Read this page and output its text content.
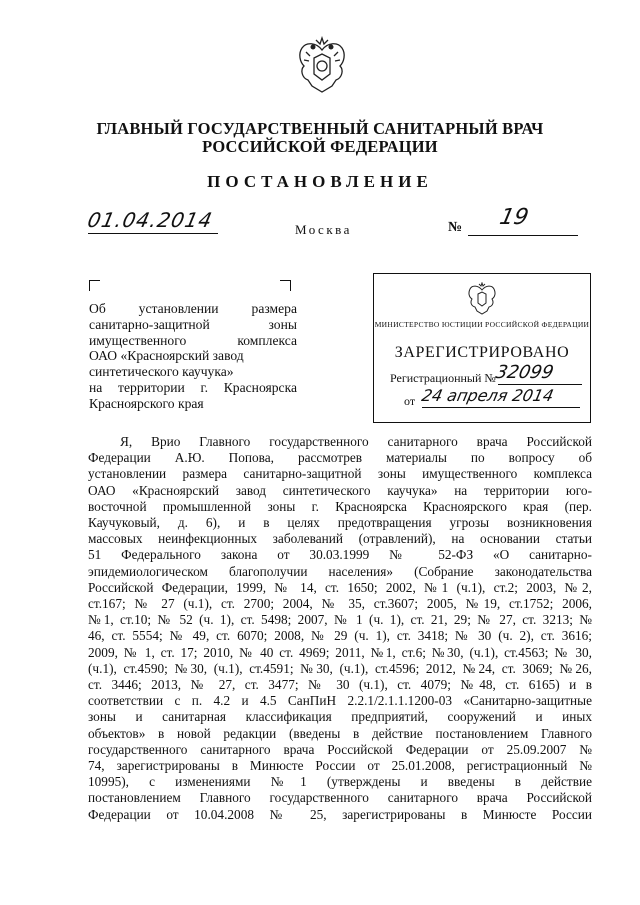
ГЛАВНЫЙ ГОСУДАРСТВЕННЫЙ САНИТАРНЫЙ ВРАЧ
РОССИЙСКОЙ ФЕДЕРАЦИИ
ПОСТАНОВЛЕНИЕ
01.04.2014	Москва	№ 19
Об установлении размера
санитарно-защитной зоны
имущественного комплекса
ОАО «Красноярский завод
синтетического каучука»
на территории г. Красноярска
Красноярского края
МИНИСТЕРСТВО ЮСТИЦИИ РОССИЙСКОЙ ФЕДЕРАЦИИ
ЗАРЕГИСТРИРОВАНО
Регистрационный №
32099
от 24 апреля 2014
Я, Врио Главного государственного санитарного врача Российской
Федерации А.Ю. Попова, рассмотрев материалы по вопросу об
установлении размера санитарно-защитной зоны имущественного комплекса
ОАО «Красноярский завод синтетического каучука» на территории юго-
восточной промышленной зоны г. Красноярска Красноярского края (пер.
Каучуковый, д. 6), и в целях предотвращения угрозы возникновения
массовых неинфекционных заболеваний (отравлений), на основании статьи
51 Федерального закона от 30.03.1999 № 52-ФЗ «О санитарно-
эпидемиологическом благополучии населения» (Собрание законодательства
Российской Федерации, 1999, № 14, ст. 1650; 2002, №1 (ч.1), ст.2; 2003, №2,
ст.167; № 27 (ч.1), ст. 2700; 2004, № 35, ст.3607; 2005, №19, ст.1752; 2006,
№1, ст.10; № 52 (ч. 1), ст. 5498; 2007, № 1 (ч. 1), ст. 21, 29; № 27, ст. 3213; №
46, ст. 5554; № 49, ст. 6070; 2008, № 29 (ч. 1), ст. 3418; № 30 (ч. 2), ст. 3616;
2009, № 1, ст. 17; 2010, № 40 ст. 4969; 2011, №1, ст.6; №30, (ч.1), ст.4563; № 30,
(ч.1), ст.4590; №30, (ч.1), ст.4591; №30, (ч.1), ст.4596; 2012, №24, ст. 3069; №26,
ст. 3446; 2013, № 27, ст. 3477; № 30 (ч.1), ст. 4079; №48, ст. 6165) и в
соответствии с п. 4.2 и 4.5 СанПиН 2.2.1/2.1.1.1200-03 «Санитарно-защитные
зоны и санитарная классификация предприятий, сооружений и иных
объектов» в новой редакции (введены в действие постановлением Главного
государственного санитарного врача Российской Федерации от 25.09.2007 №
74, зарегистрированы в Минюсте России от 25.01.2008, регистрационный №
10995), с изменениями №1 (утверждены и введены в действие
постановлением Главного государственного санитарного врача Российской
Федерации от 10.04.2008 № 25, зарегистрированы в Минюсте России
